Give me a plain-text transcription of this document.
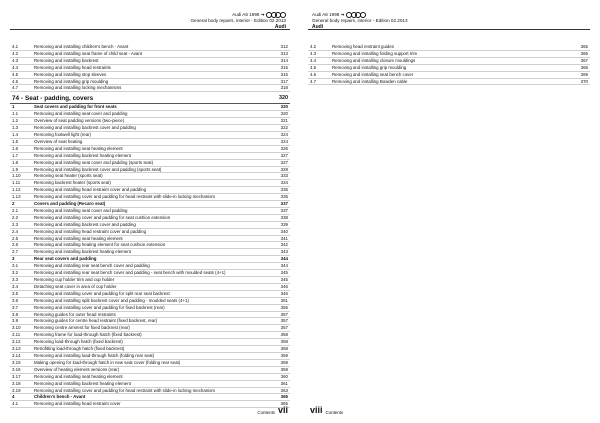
Audi A6 1998 ➔
General body repairs, interior - Edition 02.2013
Audi
4.1	Removing and installing children's bench - Avant	312
4.2	Removing and installing seat frame of child seat - Avant	313
4.3	Removing and installing backrest	314
4.4	Removing and installing head restraints	315
4.5	Removing and installing stop sleeves	315
4.6	Removing and installing grip moulding	317
4.7	Removing and installing locking mechanisms	318
74 - Seat - padding, covers	320
1	Seat covers and padding for front seats	320
1.1	Removing and installing seat cover and padding	320
1.2	Overview of seat padding versions (two-piece)	321
1.3	Removing and installing backrest cover and padding	322
1.4	Removing footwell light (rear)	324
1.5	Overview of seat heating	324
1.6	Removing and installing seat heating element	326
1.7	Removing and installing backrest heating element	327
1.8	Removing and installing seat cover and padding (sports seat)	327
1.9	Removing and installing backrest cover and padding (sports seat)	328
1.10	Removing seat heater (sports seat)	333
1.11	Removing backrest heater (sports seat)	334
1.12	Removing and installing head restraint cover and padding	335
1.13	Removing and installing cover and padding for head restraint with slide-in locking mechanism	335
2	Covers and padding (Recaro seat)	337
2.1	Removing and installing seat cover and padding	337
2.2	Removing and installing cover and padding for seat cushion extension	338
2.3	Removing and installing backrest cover and padding	339
2.4	Removing and installing head restraint cover and padding	340
2.5	Removing and installing seat heating element	341
2.6	Removing and installing heating element for seat cushion extension	342
2.7	Removing and installing backrest heating element	343
3	Rear seat covers and padding	344
3.1	Removing and installing rear seat bench cover and padding	344
3.2	Removing and installing rear seat bench cover and padding - seat bench with moulded seats (4+1)	345
3.3	Removing cup holder trim and cup holder	345
3.4	Detaching seat cover in area of cup holder	346
3.5	Removing and installing cover and padding for split rear seat backrest	346
3.6	Removing and installing split backrest cover and padding - moulded seats (4+1)	351
3.7	Removing and installing cover and padding for fixed backrest (rear)	355
3.8	Removing guides for outer head restraints	357
3.9	Removing guides for centre head restraint (fixed backrest, rear)	357
3.10	Removing centre armrest for fixed backrest (rear)	357
3.11	Removing frame for load-through hatch (fixed backrest)	358
3.12	Removing load-through hatch (fixed backrest)	358
3.13	Retrofitting load-through hatch (fixed backrest)	358
3.14	Removing and installing load-through hatch (folding rear seat)	359
3.15	Making opening for load-through hatch in new seat cover (folding rear seat)	359
3.16	Overview of heating element versions (rear)	359
3.17	Removing and installing seat heating element	360
3.18	Removing and installing backrest heating element	361
3.19	Removing and installing cover and padding for head restraint with slide-in locking mechanism	363
4	Children's bench - Avant	365
4.1	Removing and installing head restraint cover	365
Contents vii
Audi A6 1998 ➔
General body repairs, interior - Edition 02.2013
Audi
4.2	Removing head restraint guides	365
4.3	Removing and installing folding support trim	366
4.4	Removing and installing closure mouldings	367
4.5	Removing and installing grip moulding	368
4.6	Removing and installing seat bench cover	369
4.7	Removing and installing Bowden cable	370
viii Contents
